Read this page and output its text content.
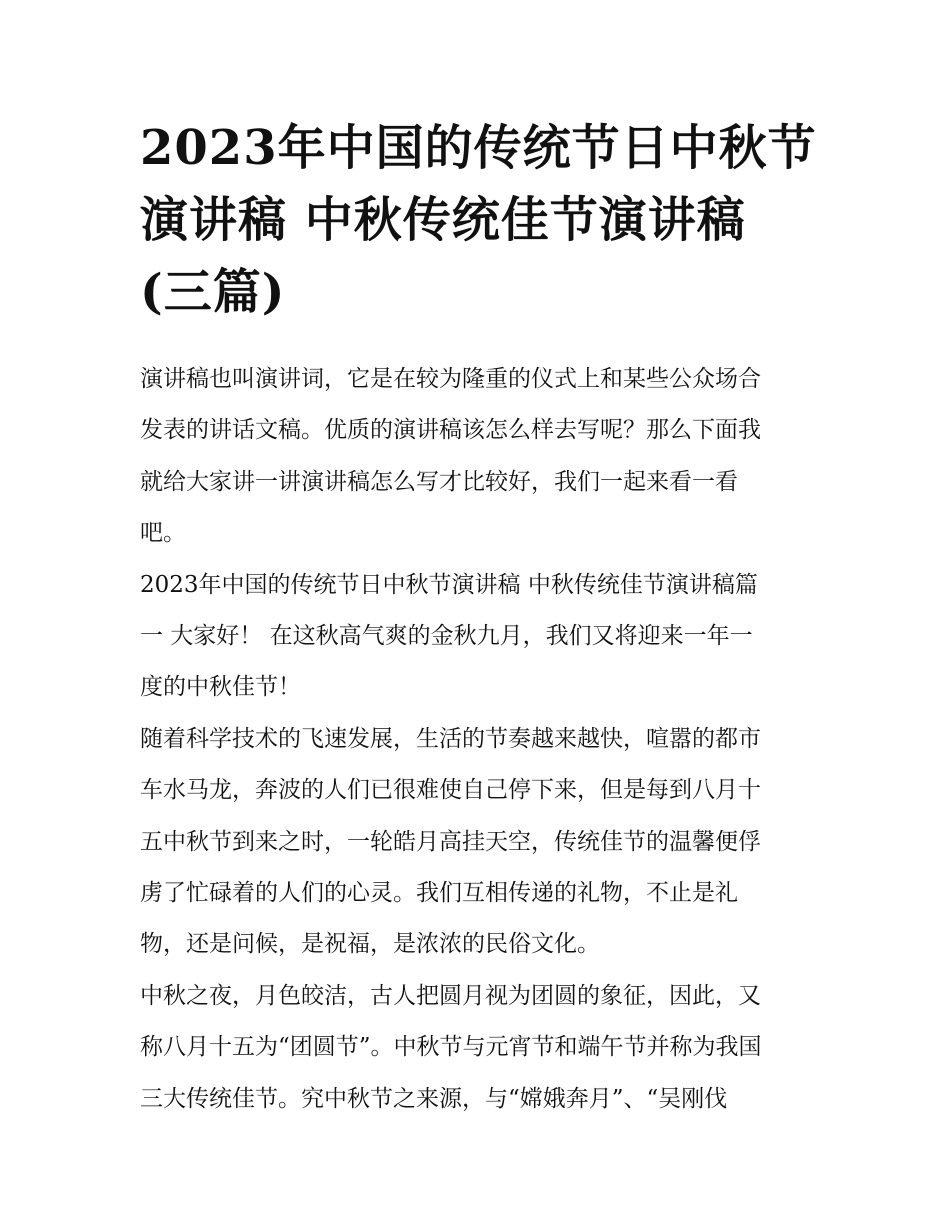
2023年中国的传统节日中秋节
演讲稿 中秋传统佳节演讲稿
(三篇)

演讲稿也叫演讲词，它是在较为隆重的仪式上和某些公众场合
发表的讲话文稿。优质的演讲稿该怎么样去写呢？那么下面我
就给大家讲一讲演讲稿怎么写才比较好，我们一起来看一看
吧。

2023年中国的传统节日中秋节演讲稿 中秋传统佳节演讲稿篇
一 大家好！ 在这秋高气爽的金秋九月，我们又将迎来一年一
度的中秋佳节！

随着科学技术的飞速发展，生活的节奏越来越快，喧嚣的都市
车水马龙，奔波的人们已很难使自己停下来，但是每到八月十
五中秋节到来之时，一轮皓月高挂天空，传统佳节的温馨便俘
虏了忙碌着的人们的心灵。我们互相传递的礼物，不止是礼
物，还是问候，是祝福，是浓浓的民俗文化。

中秋之夜，月色皎洁，古人把圆月视为团圆的象征，因此，又
称八月十五为“团圆节”。中秋节与元宵节和端午节并称为我国
三大传统佳节。究中秋节之来源，与“嫦娥奔月”、“吴刚伐
